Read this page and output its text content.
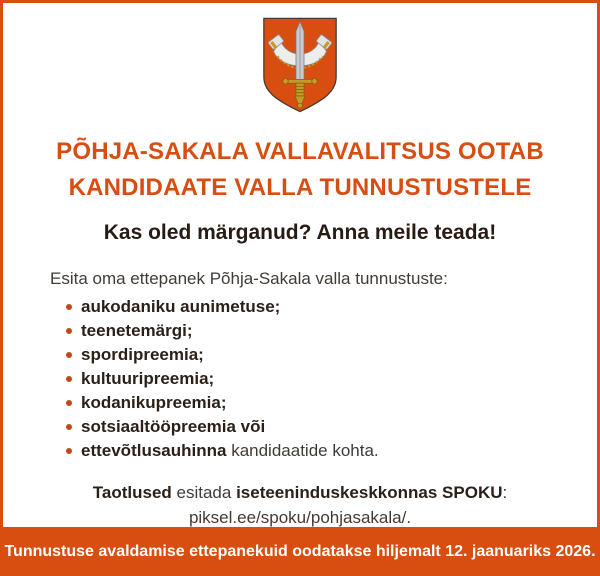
PÕHJA-SAKALA VALLAVALITSUS OOTAB
KANDIDAATE VALLA TUNNUSTUSTELE
Kas oled märganud? Anna meile teada!

Esita oma ettepanek Põhja-Sakala valla tunnustuste:

aukodaniku aunimetuse;
teenetemärgi;
spordipreemia;
kultuuripreemia;
kodanikupreemia;
sotsiaaltööpreemia või
ettevõtlusauhinna kandidaatide kohta.

Taotlused esitada iseteeninduskeskkonnas SPOKU:

piksel.ee/spoku/pohjasakala/.

Tunnustuse avaldamise ettepanekuid oodatakse hiljemalt 12. jaanuariks 2026.
